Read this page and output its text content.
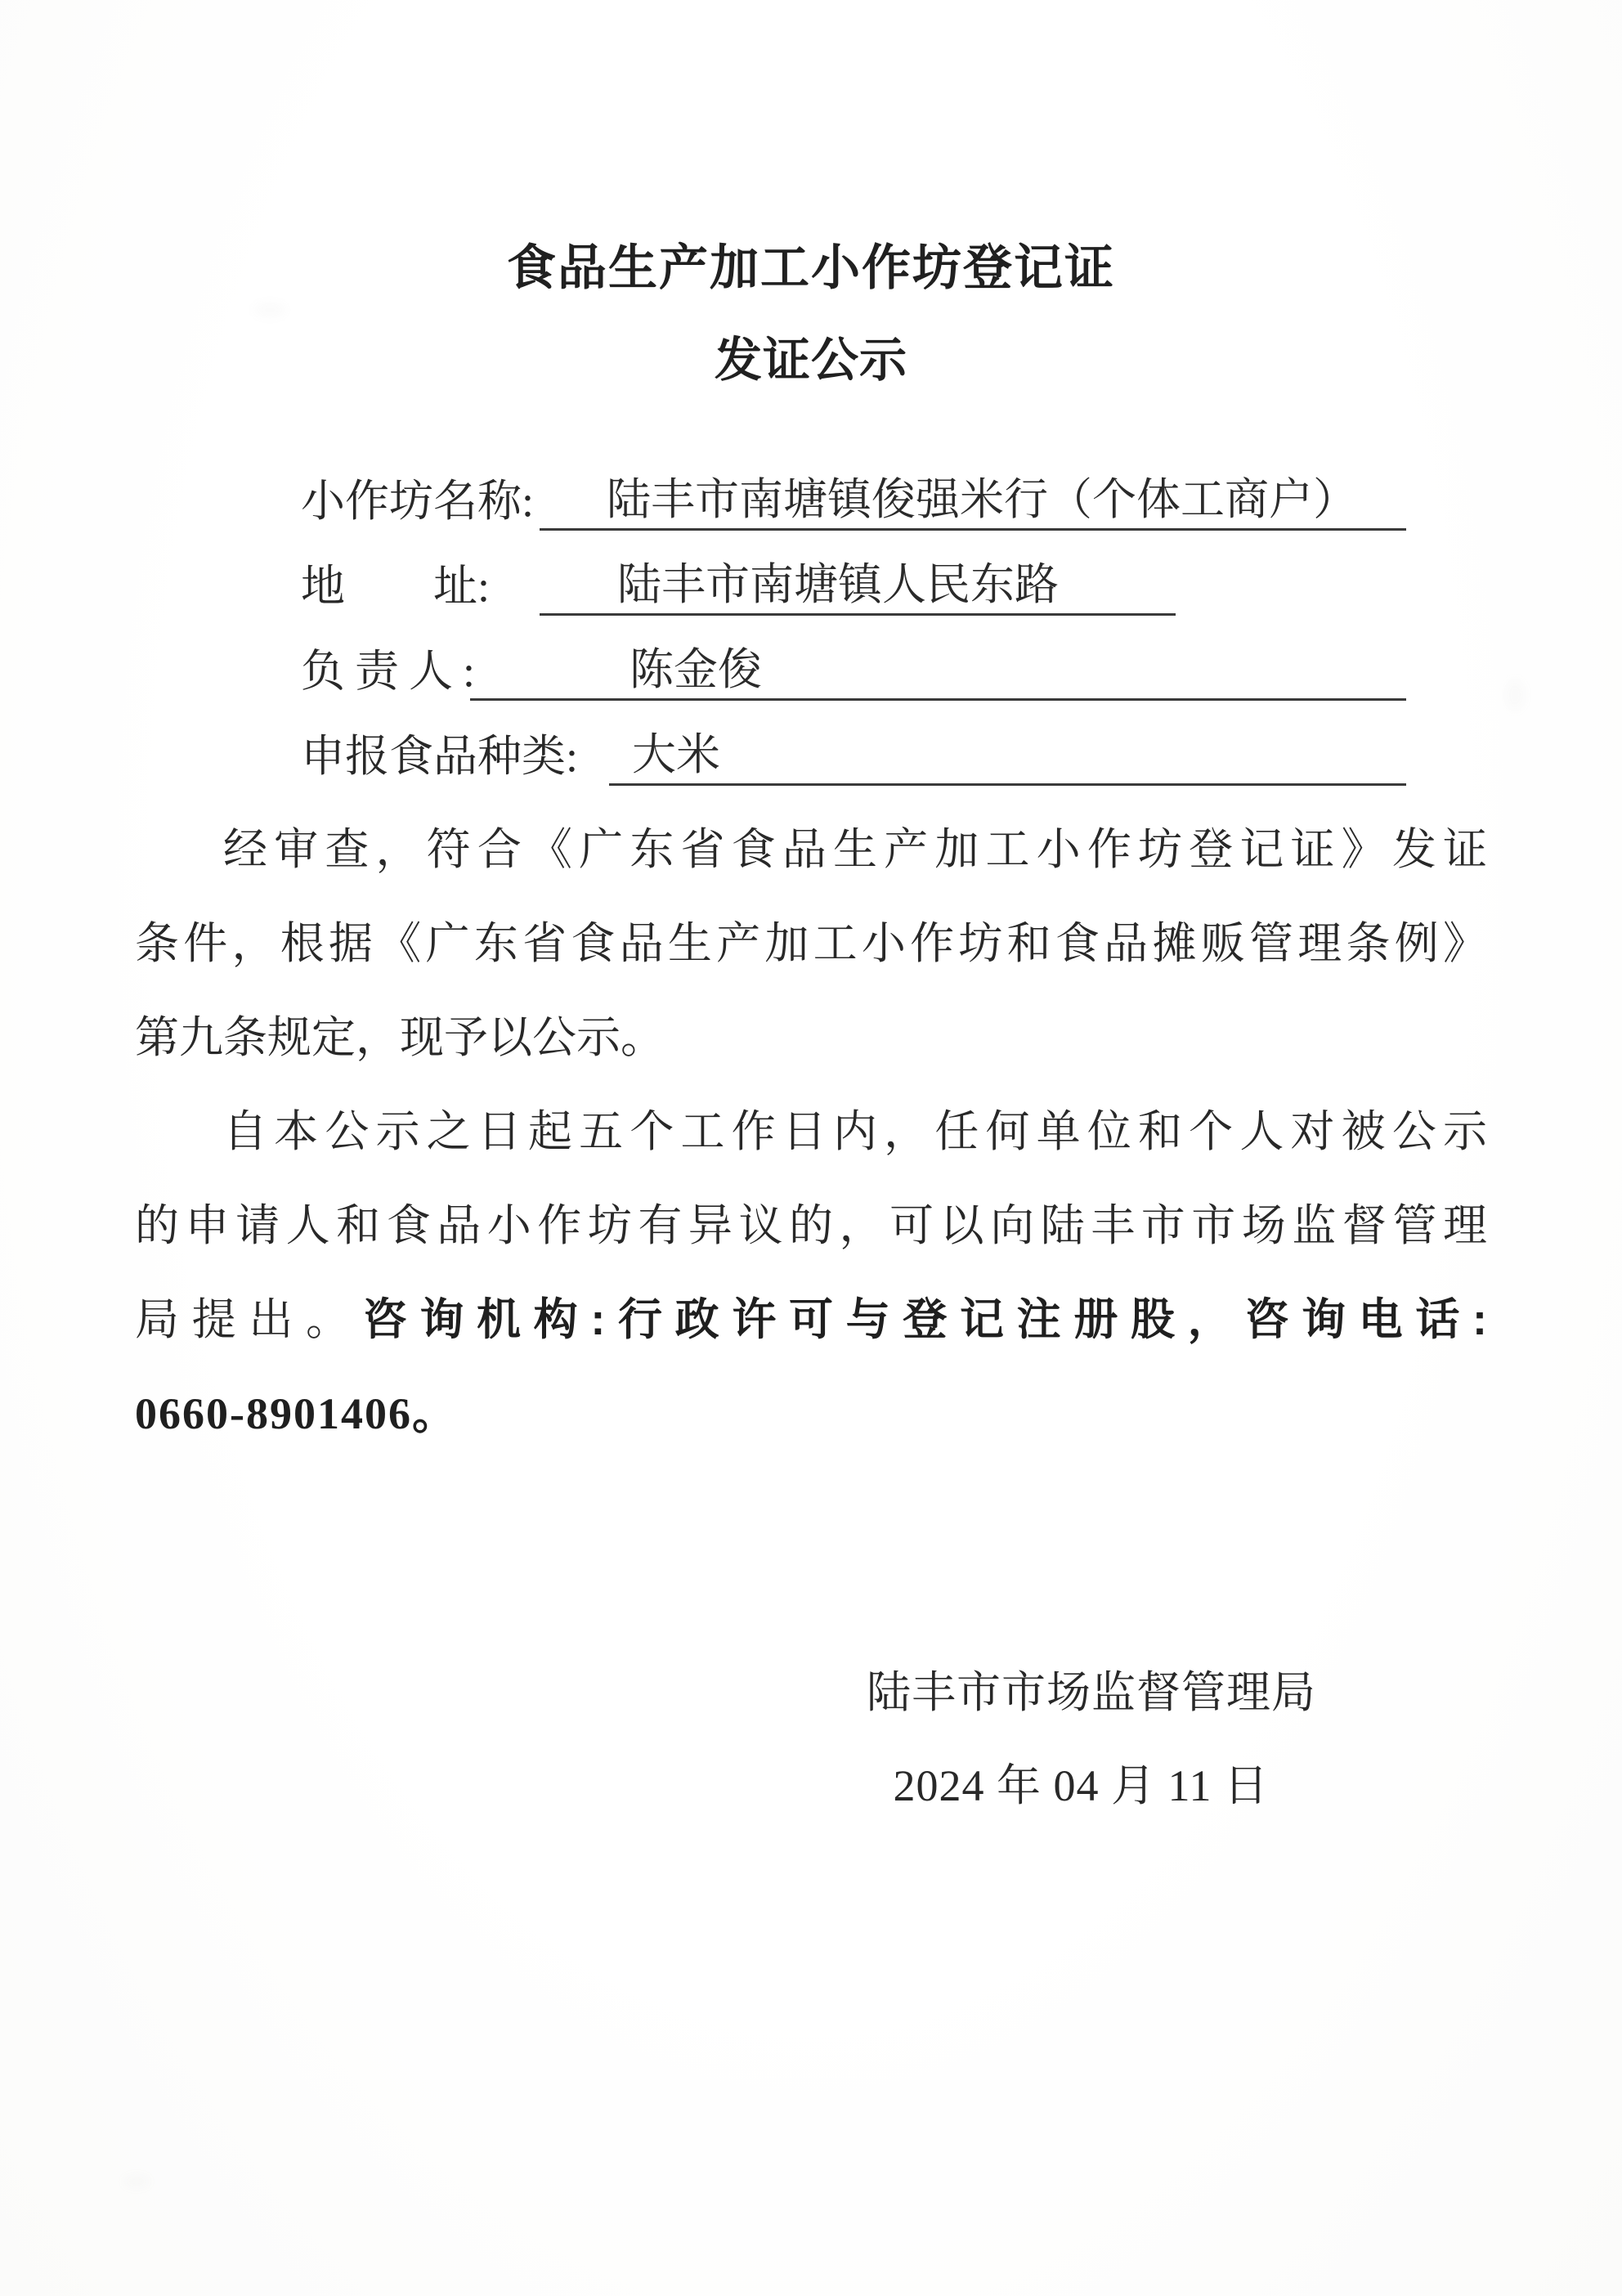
食品生产加工小作坊登记证
发证公示
小作坊名称:	陆丰市南塘镇俊强米行（个体工商户）
地　　址:	陆丰市南塘镇人民东路
负责人:	陈金俊
申报食品种类:	大米
经审查，符合《广东省食品生产加工小作坊登记证》发证
条件，根据《广东省食品生产加工小作坊和食品摊贩管理条例》
第九条规定，现予以公示。
自本公示之日起五个工作日内，任何单位和个人对被公示
的申请人和食品小作坊有异议的，可以向陆丰市市场监督管理
局提出。咨询机构:行政许可与登记注册股，咨询电话:
0660-8901406。
陆丰市市场监督管理局
2024 年 04 月 11 日
